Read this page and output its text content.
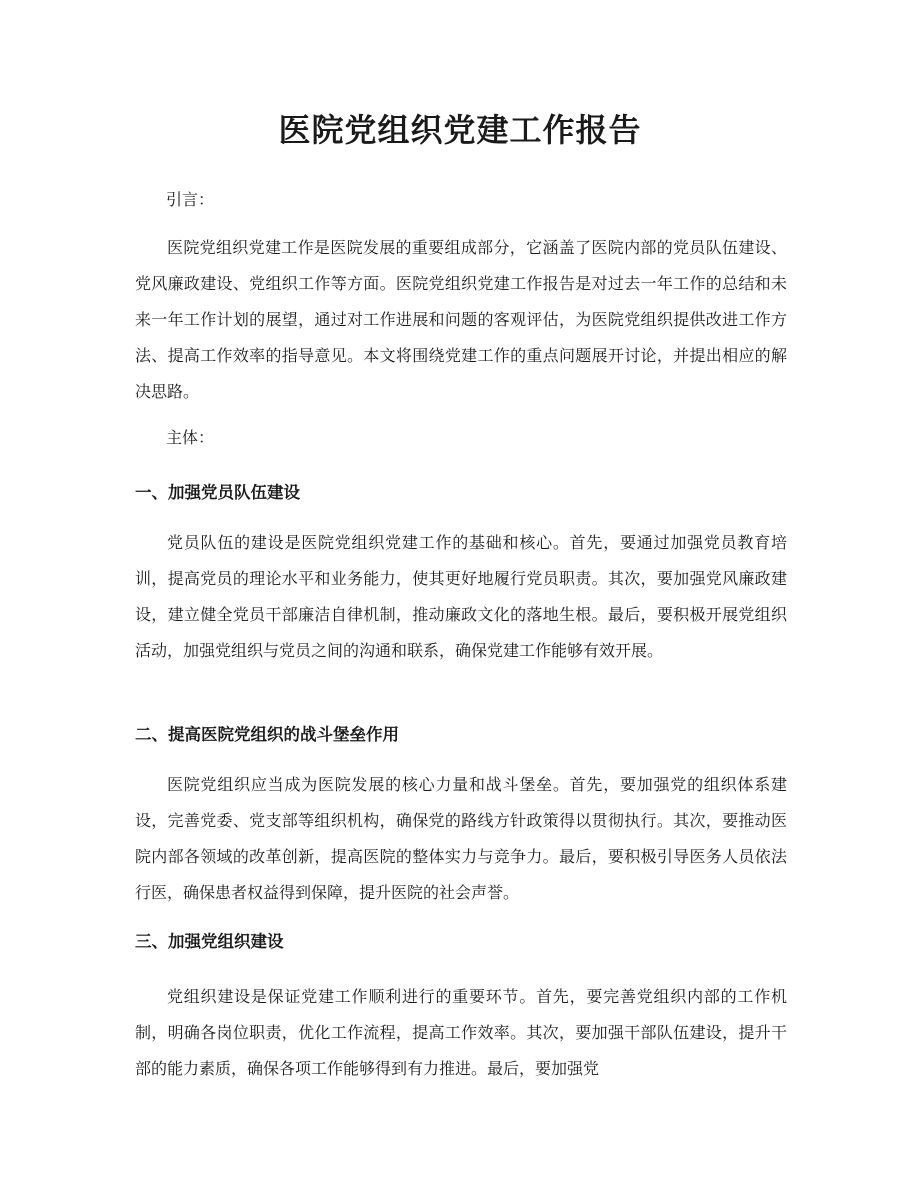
医院党组织党建工作报告

引言：

医院党组织党建工作是医院发展的重要组成部分，它涵盖了医院内部的党员队伍建设、党风廉政建设、党组织工作等方面。医院党组织党建工作报告是对过去一年工作的总结和未来一年工作计划的展望，通过对工作进展和问题的客观评估，为医院党组织提供改进工作方法、提高工作效率的指导意见。本文将围绕党建工作的重点问题展开讨论，并提出相应的解决思路。

主体：

一、加强党员队伍建设

党员队伍的建设是医院党组织党建工作的基础和核心。首先，要通过加强党员教育培训，提高党员的理论水平和业务能力，使其更好地履行党员职责。其次，要加强党风廉政建设，建立健全党员干部廉洁自律机制，推动廉政文化的落地生根。最后，要积极开展党组织活动，加强党组织与党员之间的沟通和联系，确保党建工作能够有效开展。

二、提高医院党组织的战斗堡垒作用

医院党组织应当成为医院发展的核心力量和战斗堡垒。首先，要加强党的组织体系建设，完善党委、党支部等组织机构，确保党的路线方针政策得以贯彻执行。其次，要推动医院内部各领域的改革创新，提高医院的整体实力与竞争力。最后，要积极引导医务人员依法行医，确保患者权益得到保障，提升医院的社会声誉。

三、加强党组织建设

党组织建设是保证党建工作顺利进行的重要环节。首先，要完善党组织内部的工作机制，明确各岗位职责，优化工作流程，提高工作效率。其次，要加强干部队伍建设，提升干部的能力素质，确保各项工作能够得到有力推进。最后，要加强党
